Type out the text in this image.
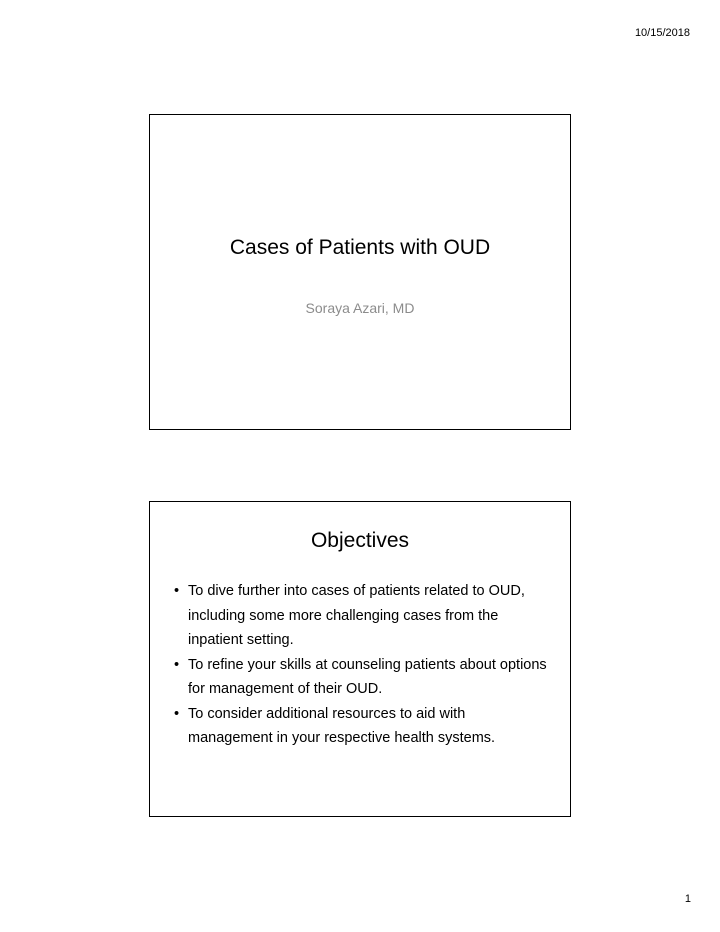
10/15/2018
Cases of Patients with OUD
Soraya Azari, MD
Objectives
• To dive further into cases of patients related to OUD, including some more challenging cases from the inpatient setting.
• To refine your skills at counseling patients about options for management of their OUD.
• To consider additional resources to aid with management in your respective health systems.
1
